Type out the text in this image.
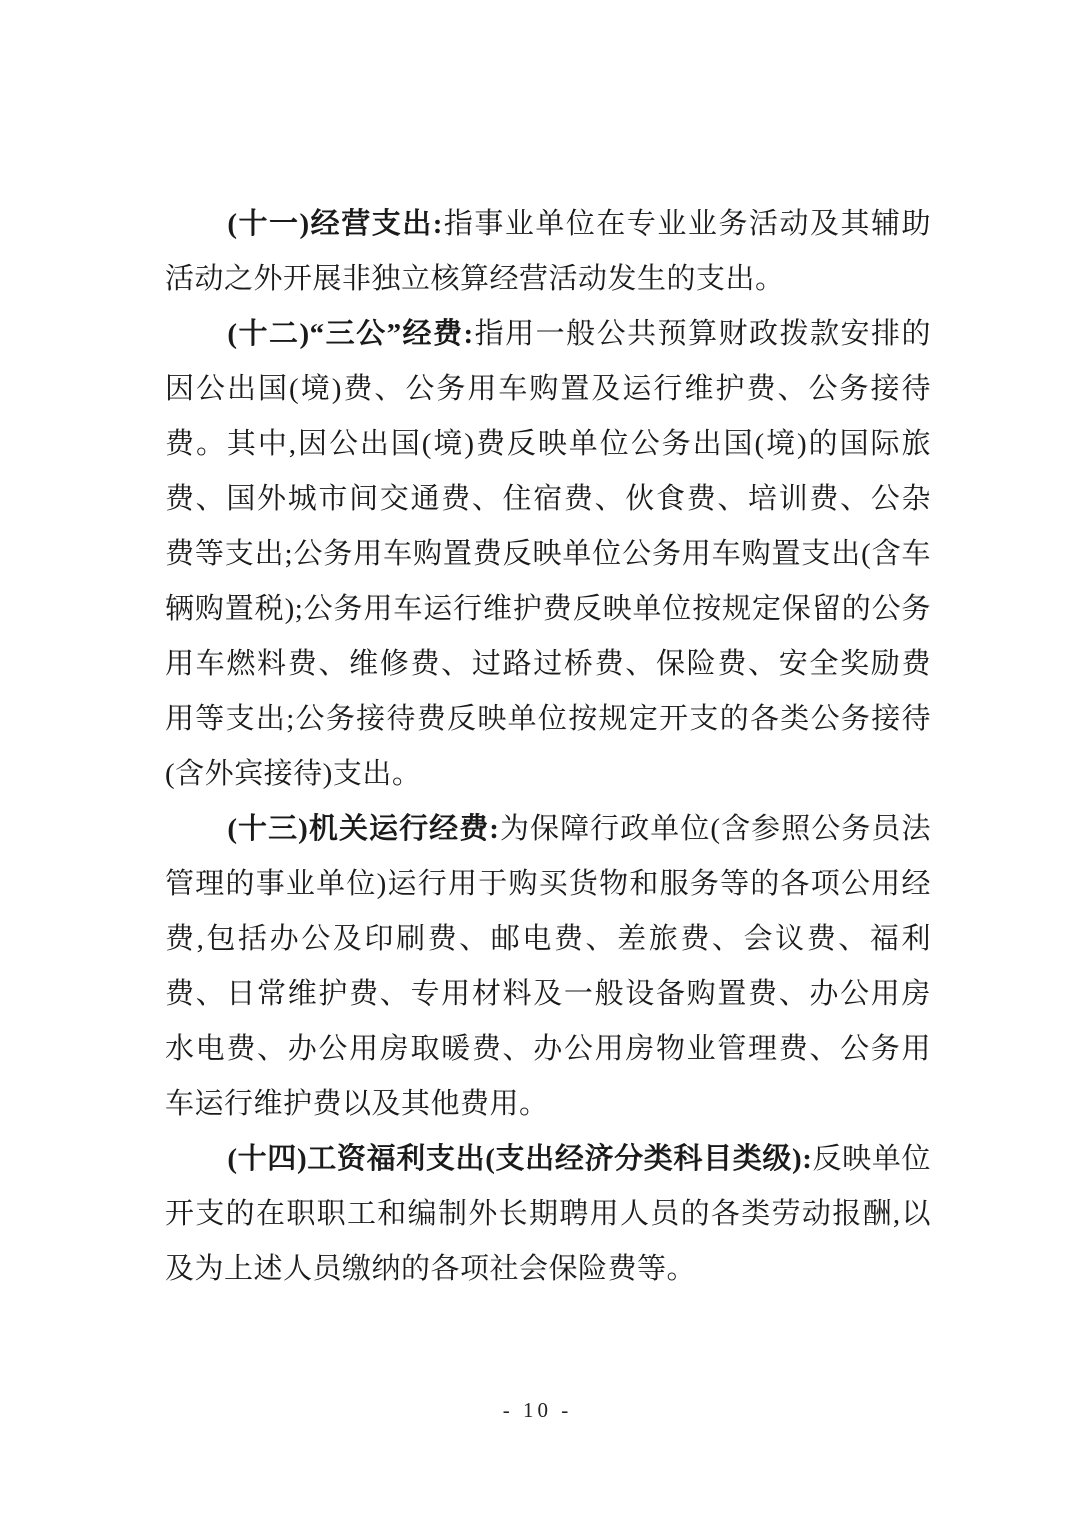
(十一)经营支出:指事业单位在专业业务活动及其辅助活动之外开展非独立核算经营活动发生的支出。

(十二)“三公”经费:指用一般公共预算财政拨款安排的因公出国(境)费、公务用车购置及运行维护费、公务接待费。其中,因公出国(境)费反映单位公务出国(境)的国际旅费、国外城市间交通费、住宿费、伙食费、培训费、公杂费等支出;公务用车购置费反映单位公务用车购置支出(含车辆购置税);公务用车运行维护费反映单位按规定保留的公务用车燃料费、维修费、过路过桥费、保险费、安全奖励费用等支出;公务接待费反映单位按规定开支的各类公务接待(含外宾接待)支出。

(十三)机关运行经费:为保障行政单位(含参照公务员法管理的事业单位)运行用于购买货物和服务等的各项公用经费,包括办公及印刷费、邮电费、差旅费、会议费、福利费、日常维护费、专用材料及一般设备购置费、办公用房水电费、办公用房取暖费、办公用房物业管理费、公务用车运行维护费以及其他费用。

(十四)工资福利支出(支出经济分类科目类级):反映单位开支的在职职工和编制外长期聘用人员的各类劳动报酬,以及为上述人员缴纳的各项社会保险费等。

- 10 -
